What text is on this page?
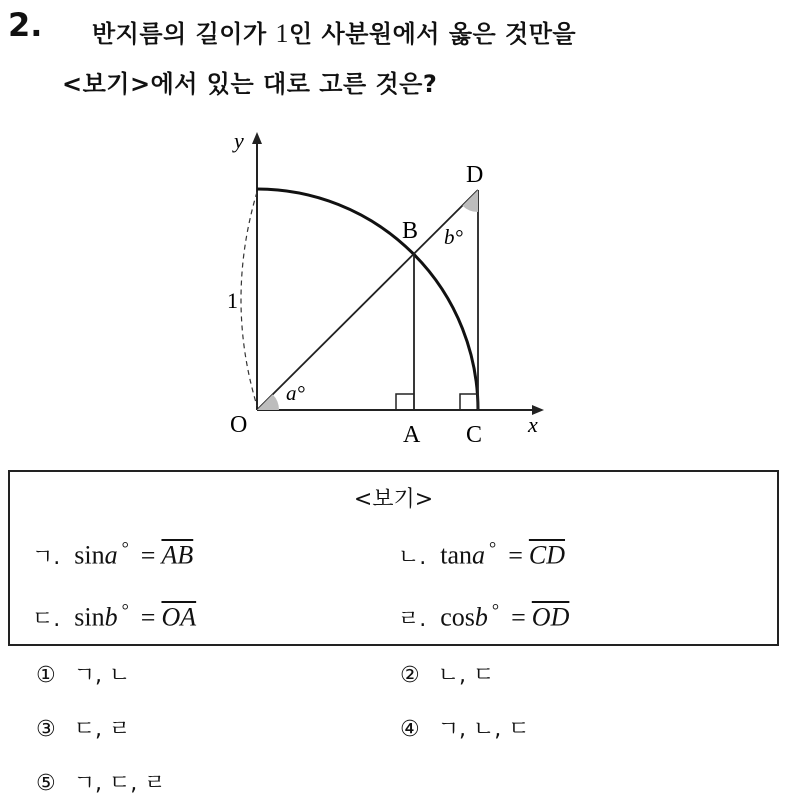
2. 반지름의 길이가 1인 사분원에서 옳은 것만을
<보기>에서 있는 대로 고른 것은?
y
x
O	A
B
C
D
1
a°
b°
<보기>
ㄱ. sina $^\circ = \overline{AB}$	ㄴ. tana $^\circ = \overline{CD}$
ㄷ. sinb $^\circ = \overline{OA}$	ㄹ. cosb $^\circ = \overline{OD}$
① ㄱ, ㄴ	② ㄴ, ㄷ
③ ㄷ, ㄹ	④ ㄱ, ㄴ, ㄷ
⑤ ㄱ, ㄷ, ㄹ
